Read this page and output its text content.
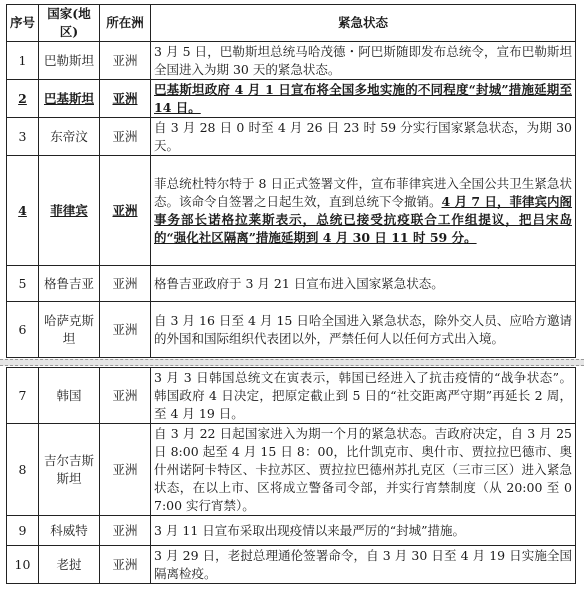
序号	国家(地区)	所在洲	紧急状态
1	巴勒斯坦	亚洲	3 月 5 日，巴勒斯坦总统马哈茂德・阿巴斯随即发布总统令，宣布巴勒斯坦全国进入为期 30 天的紧急状态。
2	巴基斯坦	亚洲	巴基斯坦政府 4 月 1 日宣布将全国多地实施的不同程度“封城”措施延期至 14 日。
3	东帝汶	亚洲	自 3 月 28 日 0 时至 4 月 26 日 23 时 59 分实行国家紧急状态，为期 30 天。
4	菲律宾	亚洲	菲总统杜特尔特于 8 日正式签署文件，宣布菲律宾进入全国公共卫生紧急状态。该命令自签署之日起生效，直到总统下令撤销。4 月 7 日，菲律宾内阁事务部长诺格拉莱斯表示，总统已接受抗疫联合工作组提议，把吕宋岛的“强化社区隔离”措施延期到 4 月 30 日 11 时 59 分。
5	格鲁吉亚	亚洲	格鲁吉亚政府于 3 月 21 日宣布进入国家紧急状态。
6	哈萨克斯坦	亚洲	自 3 月 16 日至 4 月 15 日哈全国进入紧急状态，除外交人员、应哈方邀请的外国和国际组织代表团以外，严禁任何人以任何方式出入境。
7	韩国	亚洲	3 月 3 日韩国总统文在寅表示，韩国已经进入了抗击疫情的“战争状态”。 韩国政府 4 日决定，把原定截止到 5 日的“社交距离严守期”再延长 2 周，至 4 月 19 日。
8	吉尔吉斯斯坦	亚洲	自 3 月 22 日起国家进入为期一个月的紧急状态。吉政府决定，自 3 月 25 日 8:00 起至 4 月 15 日 8：00，比什凯克市、奥什市、贾拉拉巴德市、奥什州诺阿卡特区、卡拉苏区、贾拉拉巴德州苏扎克区（三市三区）进入紧急状态，在以上市、区将成立警备司令部，并实行宵禁制度（从 20:00 至 07:00 实行宵禁）。
9	科威特	亚洲	3 月 11 日宣布采取出现疫情以来最严厉的“封城”措施。
10	老挝	亚洲	3 月 29 日，老挝总理通伦签署命令，自 3 月 30 日至 4 月 19 日实施全国隔离检疫。
